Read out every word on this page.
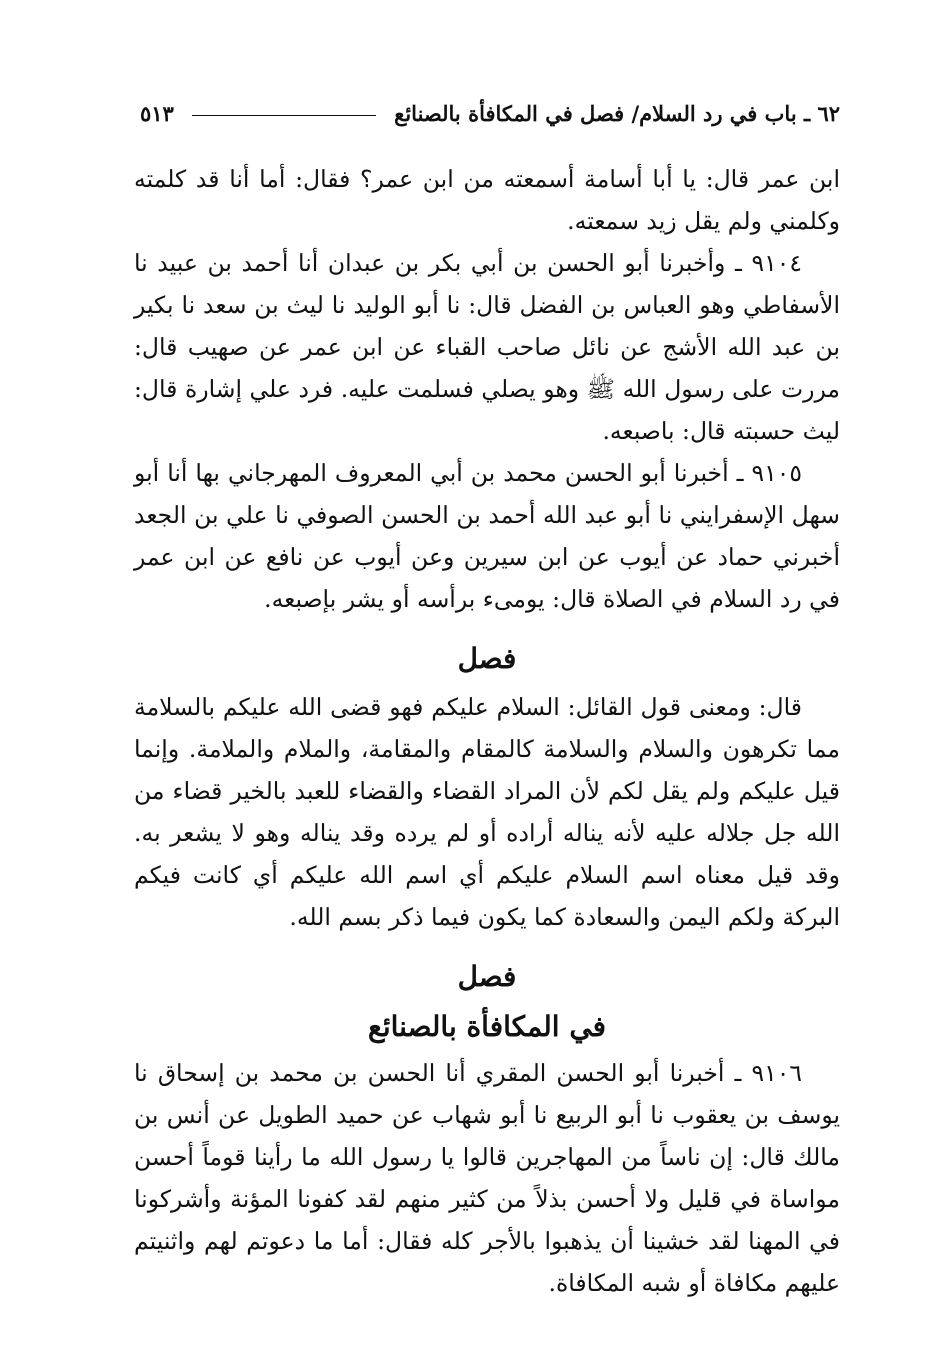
٦٢ ـ باب في رد السلام/ فصل في المكافأة بالصنائع
٥١٣

ابن عمر قال: يا أبا أسامة أسمعته من ابن عمر؟ فقال: أما أنا قد كلمته وكلمني ولم يقل زيد سمعته.

٩١٠٤ ـ وأخبرنا أبو الحسن بن أبي بكر بن عبدان أنا أحمد بن عبيد نا الأسفاطي وهو العباس بن الفضل قال: نا أبو الوليد نا ليث بن سعد نا بكير بن عبد الله الأشج عن نائل صاحب القباء عن ابن عمر عن صهيب قال: مررت على رسول الله ﷺ وهو يصلي فسلمت عليه. فرد علي إشارة قال: ليث حسبته قال: باصبعه.

٩١٠٥ ـ أخبرنا أبو الحسن محمد بن أبي المعروف المهرجاني بها أنا أبو سهل الإسفرايني نا أبو عبد الله أحمد بن الحسن الصوفي نا علي بن الجعد أخبرني حماد عن أيوب عن ابن سيرين وعن أيوب عن نافع عن ابن عمر في رد السلام في الصلاة قال: يومىء برأسه أو يشر بإصبعه.

فصل

قال: ومعنى قول القائل: السلام عليكم فهو قضى الله عليكم بالسلامة مما تكرهون والسلام والسلامة كالمقام والمقامة، والملام والملامة. وإنما قيل عليكم ولم يقل لكم لأن المراد القضاء والقضاء للعبد بالخير قضاء من الله جل جلاله عليه لأنه يناله أراده أو لم يرده وقد يناله وهو لا يشعر به. وقد قيل معناه اسم السلام عليكم أي اسم الله عليكم أي كانت فيكم البركة ولكم اليمن والسعادة كما يكون فيما ذكر بسم الله.

فصل
في المكافأة بالصنائع

٩١٠٦ ـ أخبرنا أبو الحسن المقري أنا الحسن بن محمد بن إسحاق نا يوسف بن يعقوب نا أبو الربيع نا أبو شهاب عن حميد الطويل عن أنس بن مالك قال: إن ناساً من المهاجرين قالوا يا رسول الله ما رأينا قوماً أحسن مواساة في قليل ولا أحسن بذلاً من كثير منهم لقد كفونا المؤنة وأشركونا في المهنا لقد خشينا أن يذهبوا بالأجر كله فقال: أما ما دعوتم لهم واثنيتم عليهم مكافاة أو شبه المكافاة.
